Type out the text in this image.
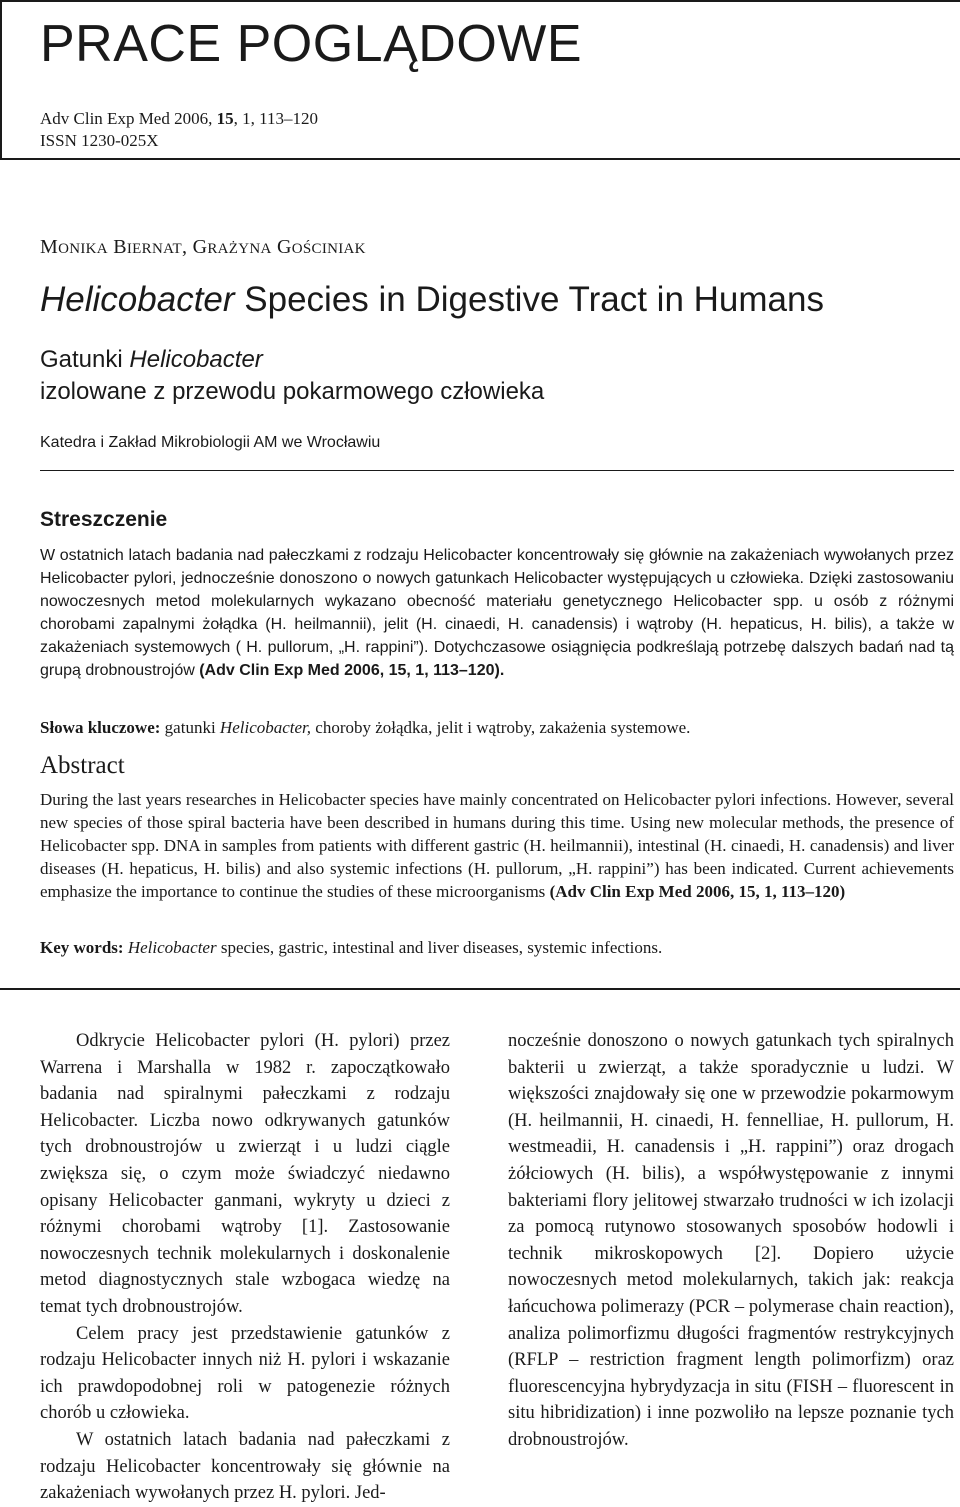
PRACE POGLĄDOWE
Adv Clin Exp Med 2006, 15, 1, 113–120
ISSN 1230-025X
MONIKA BIERNAT, GRAŻYNA GOŚCINIAK
Helicobacter Species in Digestive Tract in Humans
Gatunki Helicobacter
izolowane z przewodu pokarmowego człowieka
Katedra i Zakład Mikrobiologii AM we Wrocławiu
Streszczenie
W ostatnich latach badania nad pałeczkami z rodzaju Helicobacter koncentrowały się głównie na zakażeniach wywołanych przez Helicobacter pylori, jednocześnie donoszono o nowych gatunkach Helicobacter występujących u człowieka. Dzięki zastosowaniu nowoczesnych metod molekularnych wykazano obecność materiału genetycznego Helicobacter spp. u osób z różnymi chorobami zapalnymi żołądka (H. heilmannii), jelit (H. cinaedi, H. canadensis) i wątroby (H. hepaticus, H. bilis), a także w zakażeniach systemowych ( H. pullorum, „H. rappini”). Dotychczasowe osiągnięcia podkreślają potrzebę dalszych badań nad tą grupą drobnoustrojów (Adv Clin Exp Med 2006, 15, 1, 113–120).
Słowa kluczowe: gatunki Helicobacter, choroby żołądka, jelit i wątroby, zakażenia systemowe.
Abstract
During the last years researches in Helicobacter species have mainly concentrated on Helicobacter pylori infections. However, several new species of those spiral bacteria have been described in humans during this time. Using new molecular methods, the presence of Helicobacter spp. DNA in samples from patients with different gastric (H. heilmannii), intestinal (H. cinaedi, H. canadensis) and liver diseases (H. hepaticus, H. bilis) and also systemic infections (H. pullorum, „H. rappini”) has been indicated. Current achievements emphasize the importance to continue the studies of these microorganisms (Adv Clin Exp Med 2006, 15, 1, 113–120)
Key words: Helicobacter species, gastric, intestinal and liver diseases, systemic infections.

Odkrycie Helicobacter pylori (H. pylori) przez Warrena i Marshalla w 1982 r. zapoczątkowało badania nad spiralnymi pałeczkami z rodzaju Helicobacter. Liczba nowo odkrywanych gatunków tych drobnoustrojów u zwierząt i u ludzi ciągle zwiększa się, o czym może świadczyć niedawno opisany Helicobacter ganmani, wykryty u dzieci z różnymi chorobami wątroby [1]. Zastosowanie nowoczesnych technik molekularnych i doskonalenie metod diagnostycznych stale wzbogaca wiedzę na temat tych drobnoustrojów.

Celem pracy jest przedstawienie gatunków z rodzaju Helicobacter innych niż H. pylori i wskazanie ich prawdopodobnej roli w patogenezie różnych chorób u człowieka.

W ostatnich latach badania nad pałeczkami z rodzaju Helicobacter koncentrowały się głównie na zakażeniach wywołanych przez H. pylori. Jed-

nocześnie donoszono o nowych gatunkach tych spiralnych bakterii u zwierząt, a także sporadycznie u ludzi. W większości znajdowały się one w przewodzie pokarmowym (H. heilmannii, H. cinaedi, H. fennelliae, H. pullorum, H. westmeadii, H. canadensis i „H. rappini”) oraz drogach żółciowych (H. bilis), a współwystępowanie z innymi bakteriami flory jelitowej stwarzało trudności w ich izolacji za pomocą rutynowo stosowanych sposobów hodowli i technik mikroskopowych [2]. Dopiero użycie nowoczesnych metod molekularnych, takich jak: reakcja łańcuchowa polimerazy (PCR – polymerase chain reaction), analiza polimorfizmu długości fragmentów restrykcyjnych (RFLP – restriction fragment length polimorfizm) oraz fluorescencyjna hybrydyzacja in situ (FISH – fluorescent in situ hibridization) i inne pozwoliło na lepsze poznanie tych drobnoustrojów.
